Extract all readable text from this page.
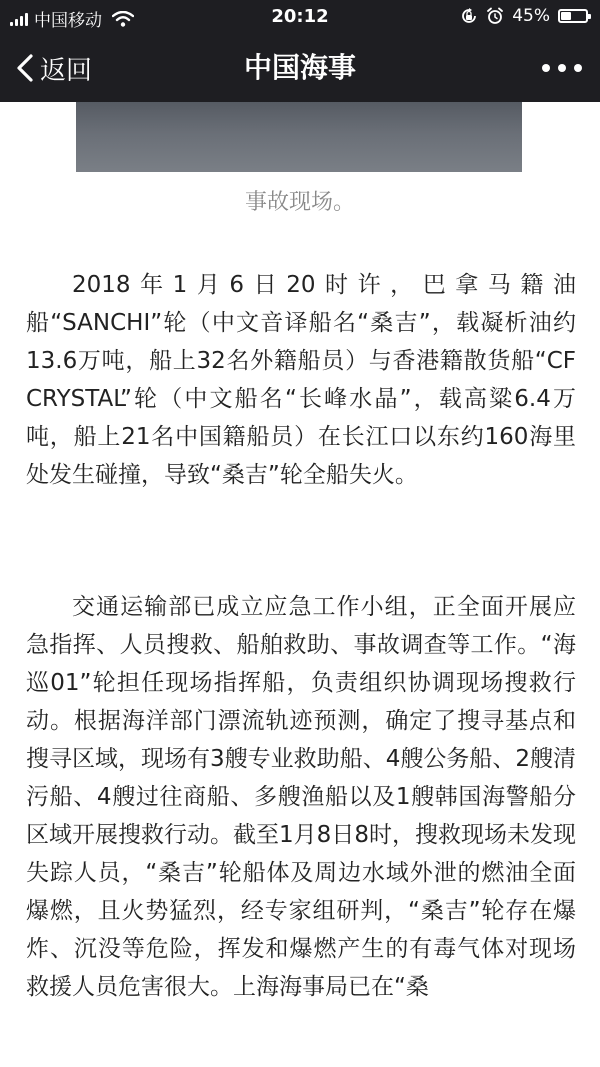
中国移动	20:12	45%
返回	中国海事
事故现场。

2018年1月6日20时许，巴拿马籍油船“SANCHI”轮（中文音译船名“桑吉”，载凝析油约13.6万吨，船上32名外籍船员）与香港籍散货船“CF CRYSTAL”轮（中文船名“长峰水晶”，载高粱6.4万吨，船上21名中国籍船员）在长江口以东约160海里处发生碰撞，导致“桑吉”轮全船失火。

交通运输部已成立应急工作小组，正全面开展应急指挥、人员搜救、船舶救助、事故调查等工作。“海巡01”轮担任现场指挥船，负责组织协调现场搜救行动。根据海洋部门漂流轨迹预测，确定了搜寻基点和搜寻区域，现场有3艘专业救助船、4艘公务船、2艘清污船、4艘过往商船、多艘渔船以及1艘韩国海警船分区域开展搜救行动。截至1月8日8时，搜救现场未发现失踪人员，“桑吉”轮船体及周边水域外泄的燃油全面爆燃，且火势猛烈，经专家组研判，“桑吉”轮存在爆炸、沉没等危险，挥发和爆燃产生的有毒气体对现场救援人员危害很大。上海海事局已在“桑
